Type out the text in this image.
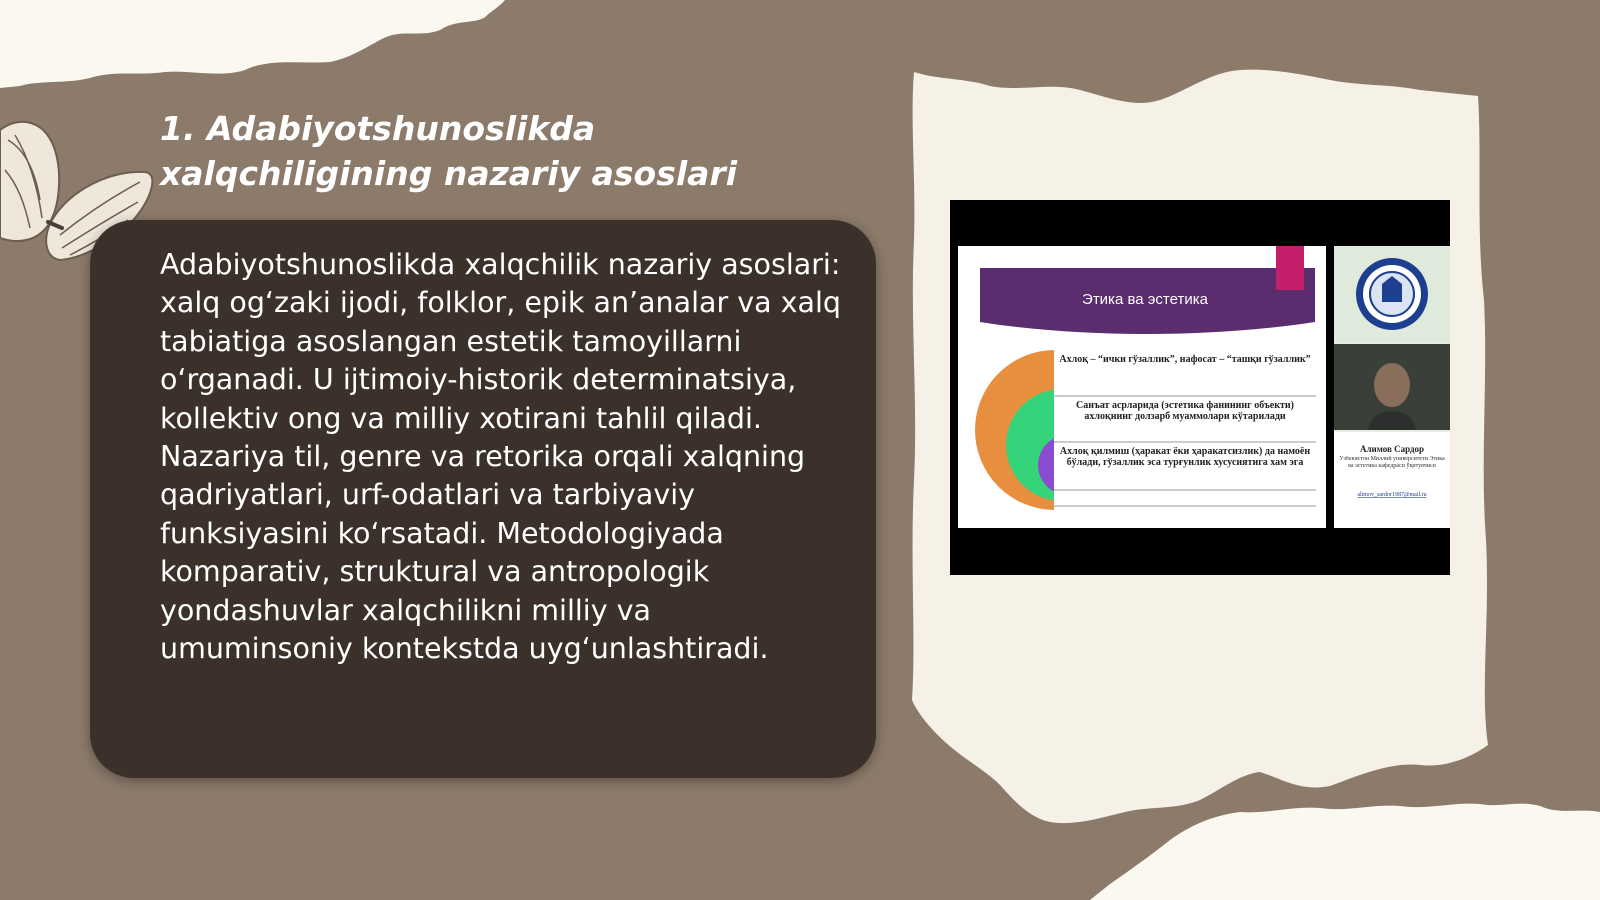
1. Adabiyotshunoslikda xalqchiligining nazariy asoslari

Adabiyotshunoslikda xalqchilik nazariy asoslari: xalq og‘zaki ijodi, folklor, epik an’analar va xalq tabiatiga asoslangan estetik tamoyillarni o‘rganadi. U ijtimoiy-historik determinatsiya, kollektiv ong va milliy xotirani tahlil qiladi. Nazariya til, genre va retorika orqali xalqning qadriyatlari, urf-odatlari va tarbiyaviy funksiyasini ko‘rsatadi. Metodologiyada komparativ, struktural va antropologik yondashuvlar xalqchilikni milliy va umuminsoniy kontekstda uyg‘unlashtiradi.

Этика ва эстетика
Ахлоқ – “ички гўзаллик”, нафосат – “ташқи гўзаллик”
Санъат асрларида (эстетика фанининг объекти) ахлоқнинг долзарб муаммолари кўтарилади
Ахлоқ қилмиш (ҳаракат ёки ҳаракатсизлик) да намоён бўлади, гўзаллик эса турғунлик хусусиятига хам эга
Алимов Сардор
Ўзбекистон Миллий университети Этика ва эстетика кафедраси ўқитувчиси
alimov_sardor1987@mail.ru
